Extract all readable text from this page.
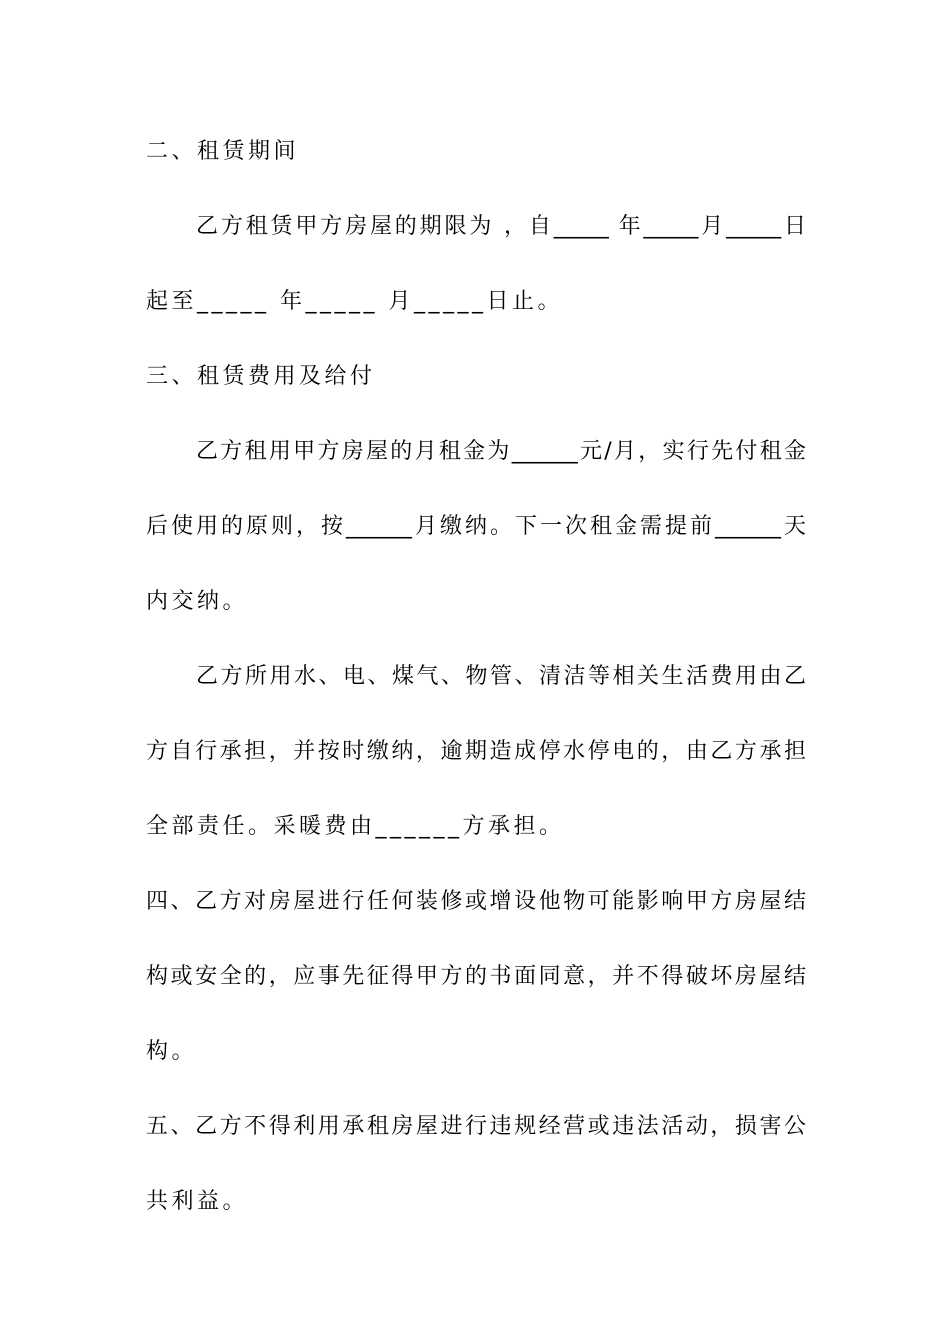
二、租赁期间
乙方租赁甲方房屋的期限为 ，自_____ 年_____月_____日
起至_____ 年_____ 月_____日止。
三、租赁费用及给付
乙方租用甲方房屋的月租金为______元/月，实行先付租金
后使用的原则，按______月缴纳。下一次租金需提前______天
内交纳。
乙方所用水、电、煤气、物管、清洁等相关生活费用由乙
方自行承担，并按时缴纳，逾期造成停水停电的，由乙方承担
全部责任。采暖费由______方承担。
四、乙方对房屋进行任何装修或增设他物可能影响甲方房屋结
构或安全的，应事先征得甲方的书面同意，并不得破坏房屋结
构。
五、乙方不得利用承租房屋进行违规经营或违法活动，损害公
共利益。
